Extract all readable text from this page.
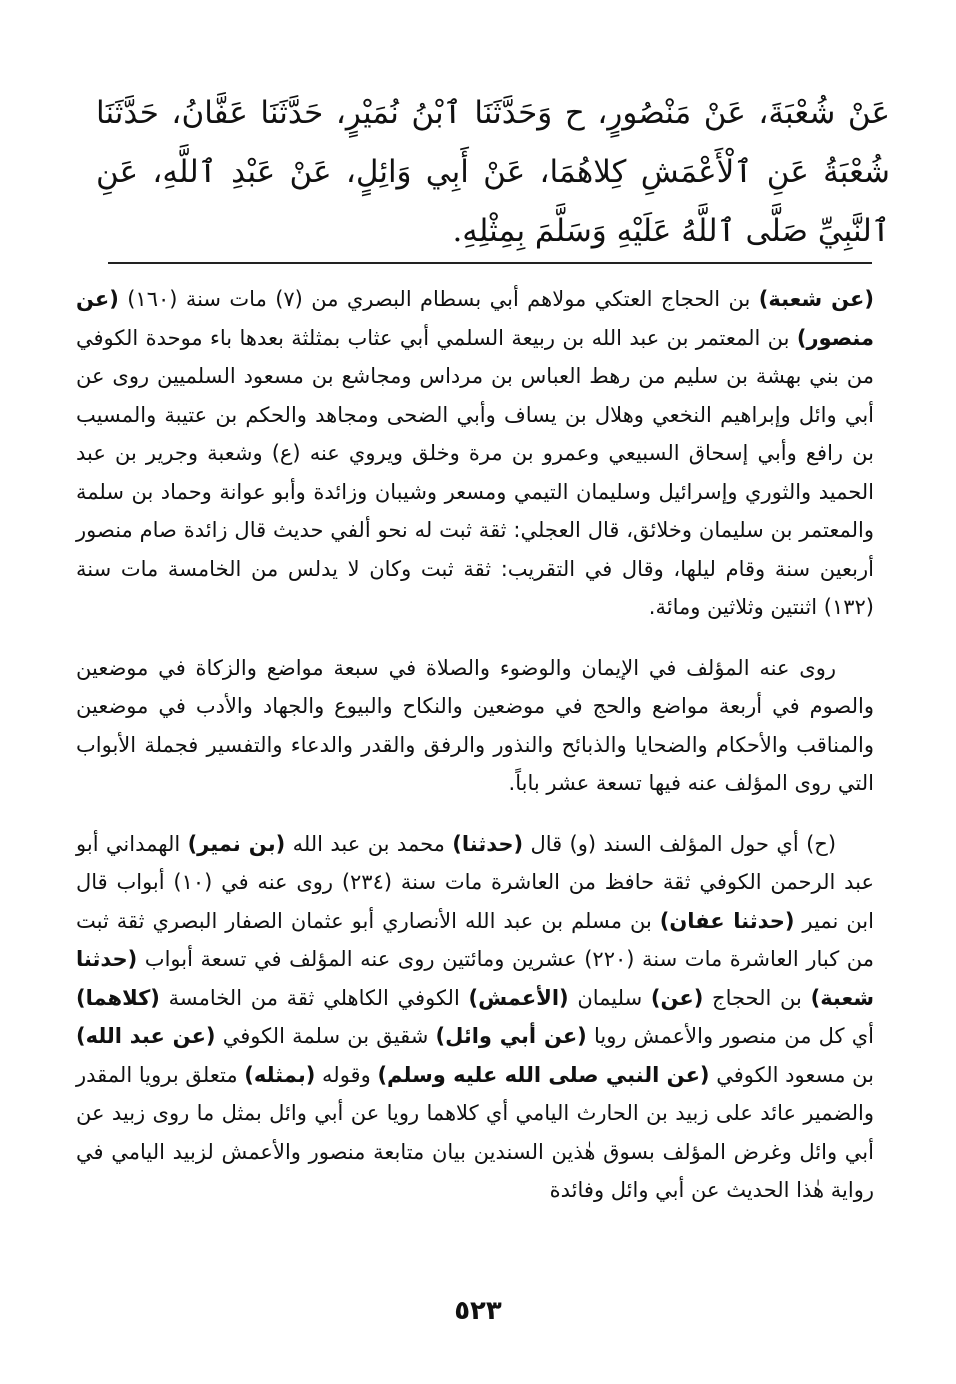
عَنْ شُعْبَةَ، عَنْ مَنْصُورٍ، ح وَحَدَّثَنَا ٱبْنُ نُمَيْرٍ، حَدَّثَنَا عَفَّانُ، حَدَّثَنَا شُعْبَةُ عَنِ ٱلْأَعْمَشِ كِلاهُمَا، عَنْ أَبِي وَائِلٍ، عَنْ عَبْدِ ٱللَّهِ، عَنِ ٱلنَّبِيِّ صَلَّى ٱللَّهُ عَلَيْهِ وَسَلَّمَ بِمِثْلِهِ.

(عن شعبة) بن الحجاج العتكي مولاهم أبي بسطام البصري من (٧) مات سنة (١٦٠) (عن منصور) بن المعتمر بن عبد الله بن ربيعة السلمي أبي عثاب بمثلثة بعدها باء موحدة الكوفي من بني بهشة بن سليم من رهط العباس بن مرداس ومجاشع بن مسعود السلميين روى عن أبي وائل وإبراهيم النخعي وهلال بن يساف وأبي الضحى ومجاهد والحكم بن عتيبة والمسيب بن رافع وأبي إسحاق السبيعي وعمرو بن مرة وخلق ويروي عنه (ع) وشعبة وجرير بن عبد الحميد والثوري وإسرائيل وسليمان التيمي ومسعر وشيبان وزائدة وأبو عوانة وحماد بن سلمة والمعتمر بن سليمان وخلائق، قال العجلي: ثقة ثبت له نحو ألفي حديث قال زائدة صام منصور أربعين سنة وقام ليلها، وقال في التقريب: ثقة ثبت وكان لا يدلس من الخامسة مات سنة (١٣٢) اثنتين وثلاثين ومائة.

روى عنه المؤلف في الإيمان والوضوء والصلاة في سبعة مواضع والزكاة في موضعين والصوم في أربعة مواضع والحج في موضعين والنكاح والبيوع والجهاد والأدب في موضعين والمناقب والأحكام والضحايا والذبائح والنذور والرفق والقدر والدعاء والتفسير فجملة الأبواب التي روى المؤلف عنه فيها تسعة عشر باباً.

(ح) أي حول المؤلف السند (و) قال (حدثنا) محمد بن عبد الله (بن نمير) الهمداني أبو عبد الرحمن الكوفي ثقة حافظ من العاشرة مات سنة (٢٣٤) روى عنه في (١٠) أبواب قال ابن نمير (حدثنا عفان) بن مسلم بن عبد الله الأنصاري أبو عثمان الصفار البصري ثقة ثبت من كبار العاشرة مات سنة (٢٢٠) عشرين ومائتين روى عنه المؤلف في تسعة أبواب (حدثنا شعبة) بن الحجاج (عن) سليمان (الأعمش) الكوفي الكاهلي ثقة من الخامسة (كلاهما) أي كل من منصور والأعمش رويا (عن أبي وائل) شقيق بن سلمة الكوفي (عن عبد الله) بن مسعود الكوفي (عن النبي صلى الله عليه وسلم) وقوله (بمثله) متعلق برويا المقدر والضمير عائد على زبيد بن الحارث اليامي أي كلاهما رويا عن أبي وائل بمثل ما روى زبيد عن أبي وائل وغرض المؤلف بسوق هٰذين السندين بيان متابعة منصور والأعمش لزبيد اليامي في رواية هٰذا الحديث عن أبي وائل وفائدة

٥٢٣
